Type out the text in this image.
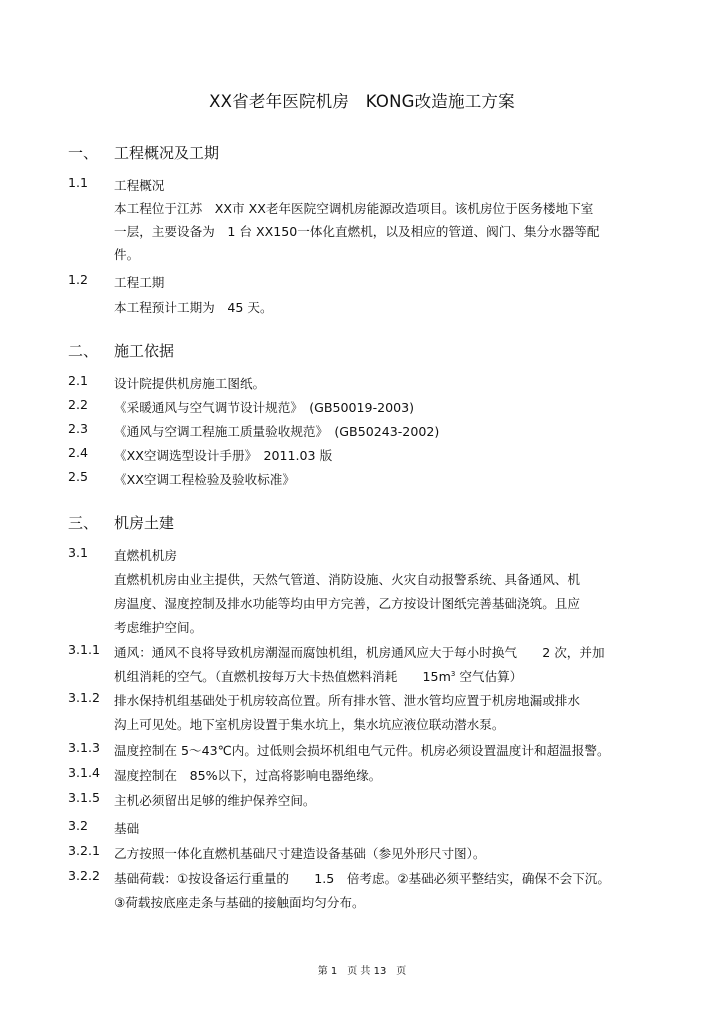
XX省老年医院机房　KONG改造施工方案
一、 工程概况及工期
1.1 工程概况
本工程位于江苏　XX市 XX老年医院空调机房能源改造项目。该机房位于医务楼地下室
一层，主要设备为　1 台 XX150一体化直燃机，以及相应的管道、阀门、集分水器等配
件。
1.2 工程工期
本工程预计工期为　45 天。
二、 施工依据
2.1 设计院提供机房施工图纸。
2.2 《采暖通风与空气调节设计规范》　(GB50019-2003)
2.3 《通风与空调工程施工质量验收规范》　(GB50243-2002)
2.4 《XX空调选型设计手册》　2011.03 版
2.5 《XX空调工程检验及验收标准》
三、 机房土建
3.1 直燃机机房
直燃机机房由业主提供，天然气管道、消防设施、火灾自动报警系统、具备通风、机
房温度、湿度控制及排水功能等均由甲方完善，乙方按设计图纸完善基础浇筑。且应
考虑维护空间。
3.1.1 通风：通风不良将导致机房潮湿而腐蚀机组，机房通风应大于每小时换气　　2 次，并加
机组消耗的空气。（直燃机按每万大卡热值燃料消耗　　$15m^3$ 空气估算）
3.1.2 排水保持机组基础处于机房较高位置。所有排水管、泄水管均应置于机房地漏或排水
沟上可见处。地下室机房设置于集水坑上，集水坑应液位联动潜水泵。
3.1.3 温度控制在 5～43℃内。过低则会损坏机组电气元件。机房必须设置温度计和超温报警。
3.1.4 湿度控制在　85%以下，过高将影响电器绝缘。
3.1.5 主机必须留出足够的维护保养空间。
3.2 基础
3.2.1 乙方按照一体化直燃机基础尺寸建造设备基础（参见外形尺寸图）。
3.2.2 基础荷载：①按设备运行重量的　　1.5　倍考虑。②基础必须平整结实，确保不会下沉。
③荷载按底座走条与基础的接触面均匀分布。
第 1　页 共 13　页
